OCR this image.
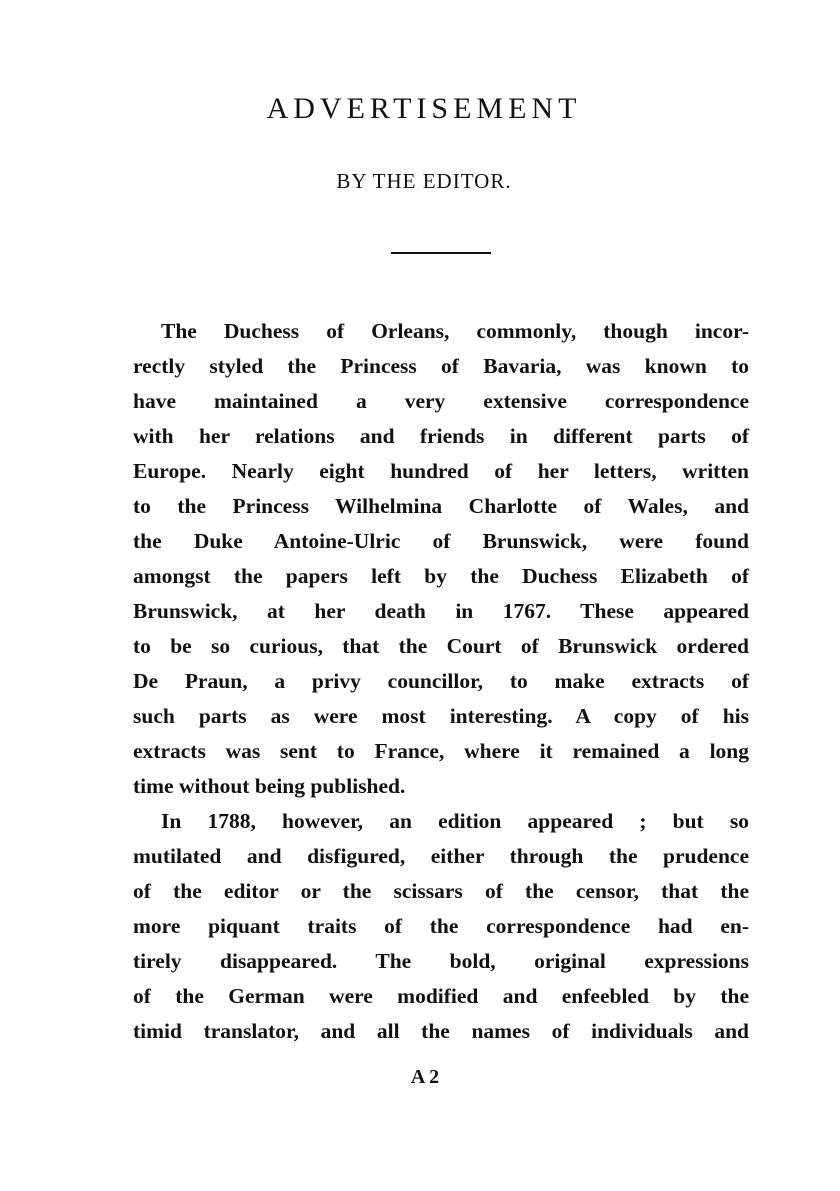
ADVERTISEMENT
BY THE EDITOR.
The Duchess of Orleans, commonly, though incor-
rectly styled the Princess of Bavaria, was known to
have maintained a very extensive correspondence
with her relations and friends in different parts of
Europe. Nearly eight hundred of her letters, written
to the Princess Wilhelmina Charlotte of Wales, and
the Duke Antoine-Ulric of Brunswick, were found
amongst the papers left by the Duchess Elizabeth of
Brunswick, at her death in 1767. These appeared
to be so curious, that the Court of Brunswick ordered
De Praun, a privy councillor, to make extracts of
such parts as were most interesting. A copy of his
extracts was sent to France, where it remained a long
time without being published.
In 1788, however, an edition appeared ; but so
mutilated and disfigured, either through the prudence
of the editor or the scissars of the censor, that the
more piquant traits of the correspondence had en-
tirely disappeared. The bold, original expressions
of the German were modified and enfeebled by the
timid translator, and all the names of individuals and
A 2
